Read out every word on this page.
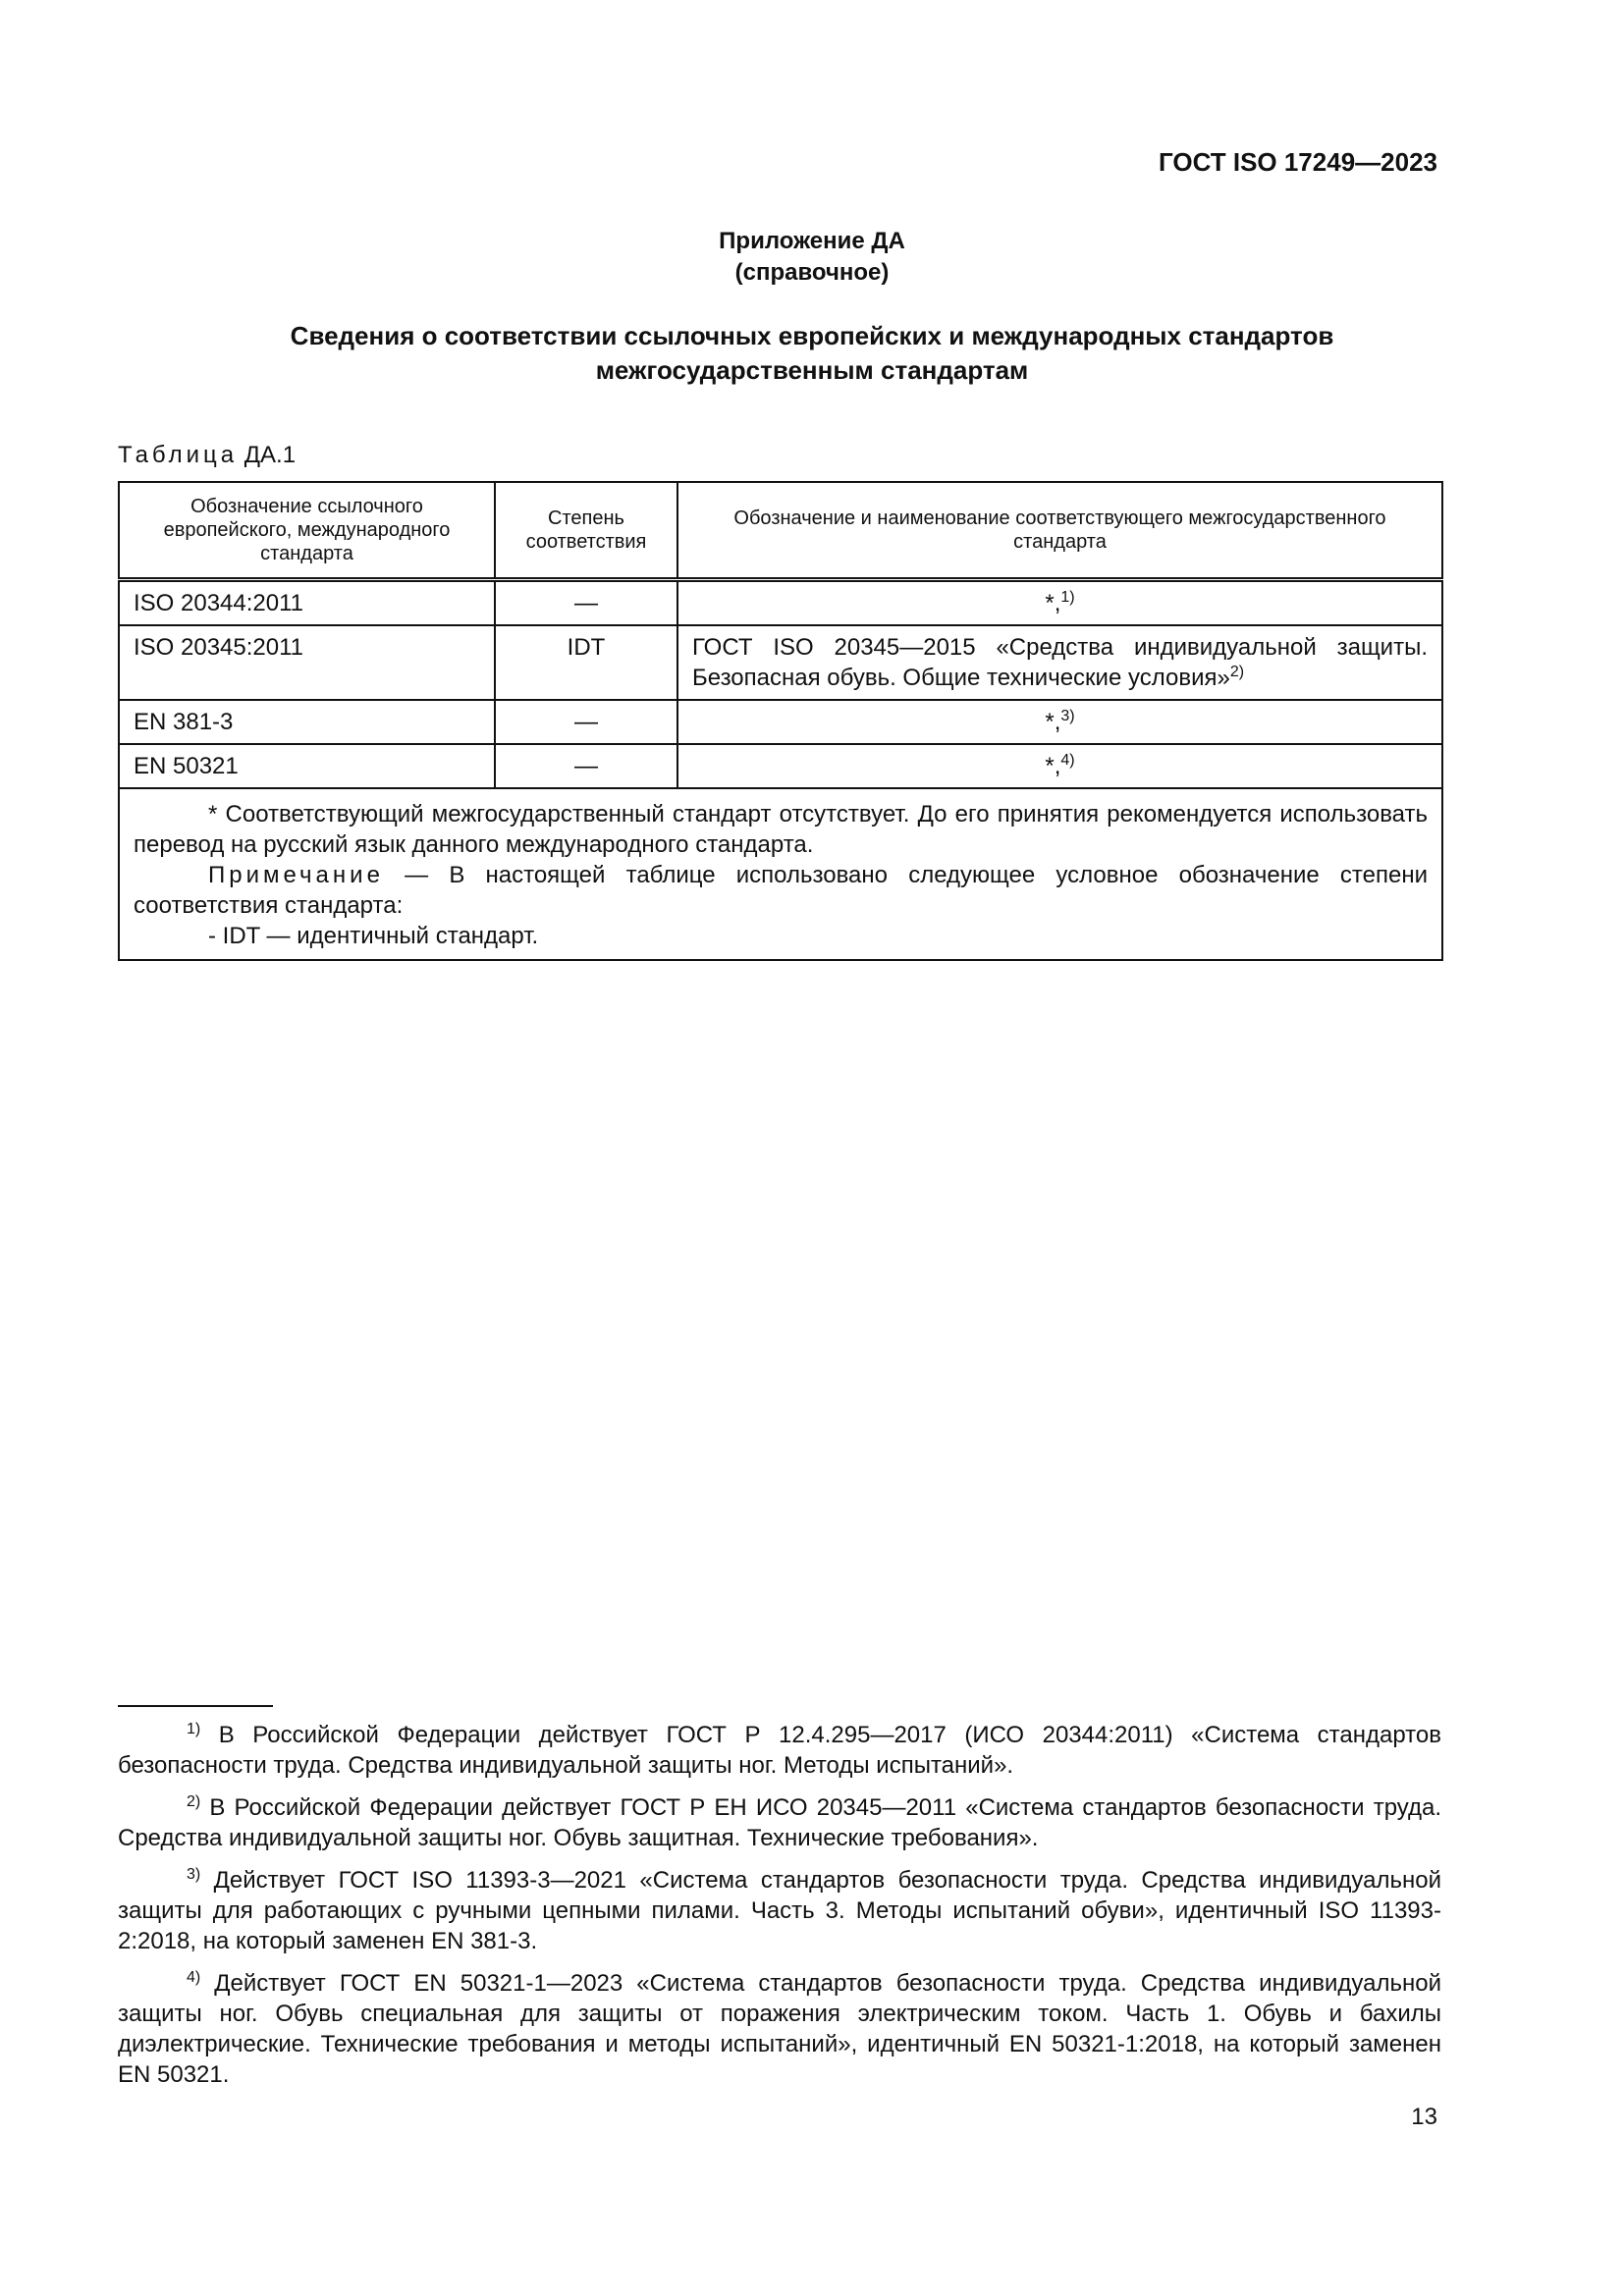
ГОСТ ISO 17249—2023
Приложение ДА
(справочное)
Сведения о соответствии ссылочных европейских и международных стандартов
межгосударственным стандартам
Таблица ДА.1
Обозначение ссылочного европейского, международного стандарта	Степень соответствия	Обозначение и наименование соответствующего межгосударственного стандарта
ISO 20344:2011	—	*,$^{1)}$
ISO 20345:2011	IDT	ГОСТ ISO 20345—2015 «Средства индивидуальной защиты. Безопасная обувь. Общие технические условия»$^{2)}$
EN 381-3	—	*,$^{3)}$
EN 50321	—	*,$^{4)}$

* Соответствующий межгосударственный стандарт отсутствует. До его принятия рекомендуется использовать перевод на русский язык данного международного стандарта.

Примечание — В настоящей таблице использовано следующее условное обозначение степени соответствия стандарта:

- IDT — идентичный стандарт.		

$^{1)}$ В Российской Федерации действует ГОСТ Р 12.4.295—2017 (ИСО 20344:2011) «Система стандартов безопасности труда. Средства индивидуальной защиты ног. Методы испытаний».

$^{2)}$ В Российской Федерации действует ГОСТ Р ЕН ИСО 20345—2011 «Система стандартов безопасности труда. Средства индивидуальной защиты ног. Обувь защитная. Технические требования».

$^{3)}$ Действует ГОСТ ISO 11393-3—2021 «Система стандартов безопасности труда. Средства индивидуальной защиты для работающих с ручными цепными пилами. Часть 3. Методы испытаний обуви», идентичный ISO 11393-2:2018, на который заменен EN 381-3.

$^{4)}$ Действует ГОСТ EN 50321-1—2023 «Система стандартов безопасности труда. Средства индивидуальной защиты ног. Обувь специальная для защиты от поражения электрическим током. Часть 1. Обувь и бахилы диэлектрические. Технические требования и методы испытаний», идентичный EN 50321-1:2018, на который заменен EN 50321.

13
